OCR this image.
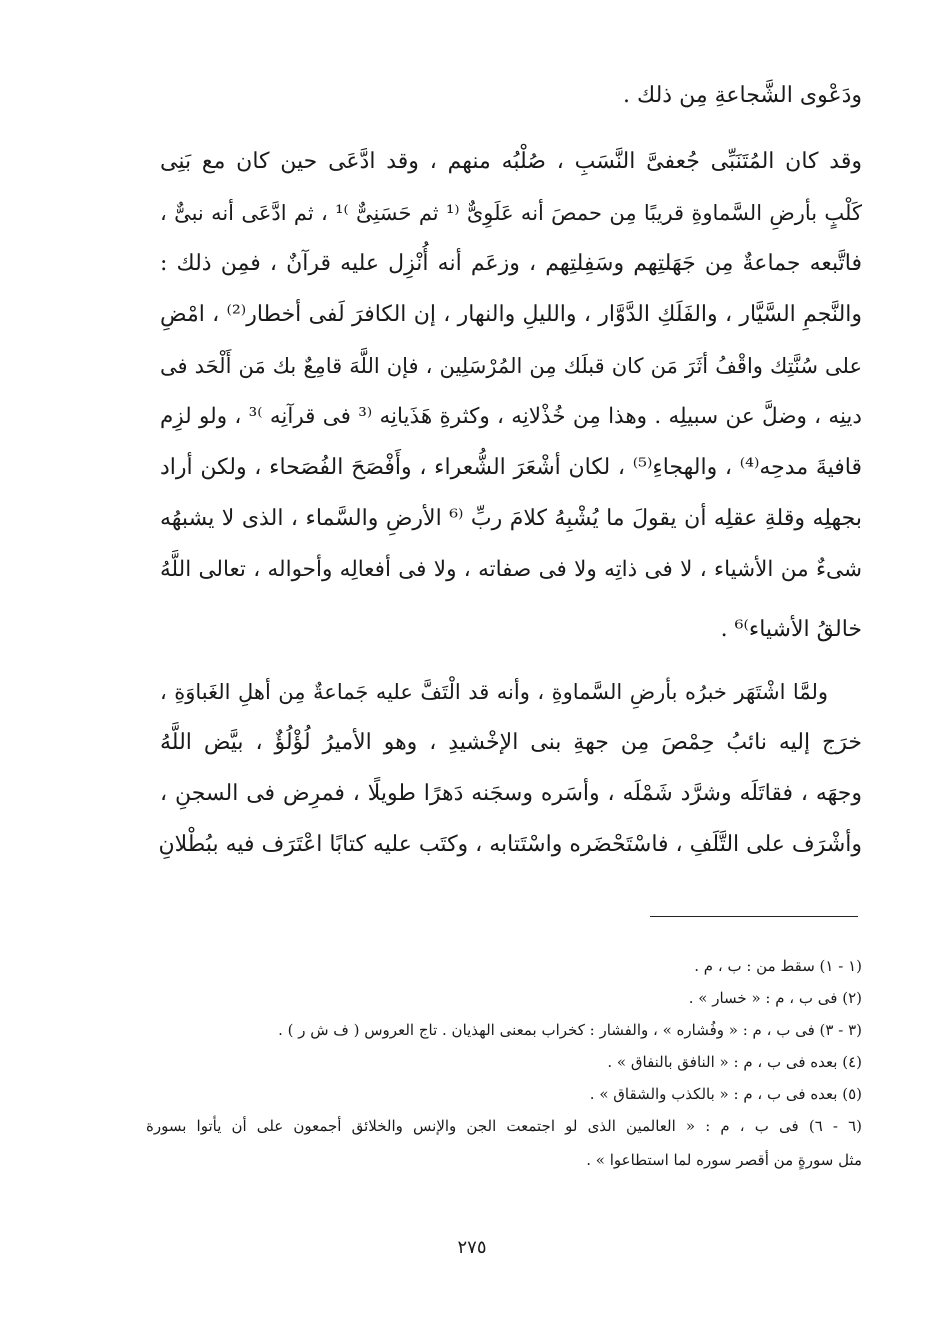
ودَعْوى الشَّجاعةِ مِن ذلك .

وقد كان المُتَنَبِّى جُعفىَّ النَّسَبِ ، صُلْبُه منهم ، وقد ادَّعَى حين كان مع بَنِى

كَلْبٍ بأرضِ السَّماوةِ قريبًا مِن حمصَ أنه عَلَوِىٌّ ⁽¹ ثم حَسَنِىٌّ ⁾¹ ، ثم ادَّعَى أنه نبىٌّ ،

فاتَّبعه جماعةٌ مِن جَهَلتِهم وسَفِلتِهم ، وزعَم أنه أُنْزِل عليه قرآنٌ ، فمِن ذلك :

والنَّجمِ السَّيَّار ، والفَلَكِ الدَّوَّار ، والليلِ والنهار ، إن الكافرَ لَفى أخطار⁽²⁾ ، امْضِ

على سُنَّتِك واقْفُ أثَرَ مَن كان قبلَك مِن المُرْسَلِين ، فإن اللَّهَ قامِعٌ بك مَن أَلْحَد فى

دينِه ، وضلَّ عن سبيلِه . وهذا مِن خُذْلانِه ، وكثرةِ هَذَيانِه ⁽³ فى قرآنِه ⁾³ ، ولو لزِم

قافيةَ مدحِه⁽⁴⁾ ، والهجاءِ⁽⁵⁾ ، لكان أشْعَرَ الشُّعراء ، وأَفْصَحَ الفُصَحاء ، ولكن أراد

بجهلِه وقلةِ عقلِه أن يقولَ ما يُشْبِهُ كلامَ ربِّ ⁽⁶ الأرضِ والسَّماء ، الذى لا يشبهُه

شىءٌ من الأشياء ، لا فى ذاتِه ولا فى صفاته ، ولا فى أفعالِه وأحواله ، تعالى اللَّهُ

خالقُ الأشياء⁾⁶ .

ولمَّا اشْتَهَر خبرُه بأرضِ السَّماوةِ ، وأنه قد الْتَفَّ عليه جَماعةٌ مِن أهلِ الغَباوَةِ ،

خرَج إليه نائبُ حِمْصَ مِن جهةِ بنى الإخْشيدِ ، وهو الأميرُ لُؤْلُؤٌ ، بيَّض اللَّهُ

وجهَه ، فقاتَلَه وشرَّد شَمْلَه ، وأسَره وسجَنه دَهرًا طويلًا ، فمرِض فى السجنِ ،

وأشْرَف على التَّلَفِ ، فاسْتَحْضَره واسْتَتابه ، وكتَب عليه كتابًا اعْتَرَف فيه ببُطْلانِ

(١ - ١) سقط من : ب ، م .

(٢) فى ب ، م : « خسار » .

(٣ - ٣) فى ب ، م : « وفُشاره » ، والفشار : كخراب بمعنى الهذيان . تاج العروس ( ف ش ر ) .

(٤) بعده فى ب ، م : « النافق بالنفاق » .

(٥) بعده فى ب ، م : « بالكذب والشقاق » .

(٦ - ٦) فى ب ، م : « العالمين الذى لو اجتمعت الجن والإنس والخلائق أجمعون على أن يأتوا بسورة

مثل سورةٍ من أقصر سوره لما استطاعوا » .

٢٧٥
